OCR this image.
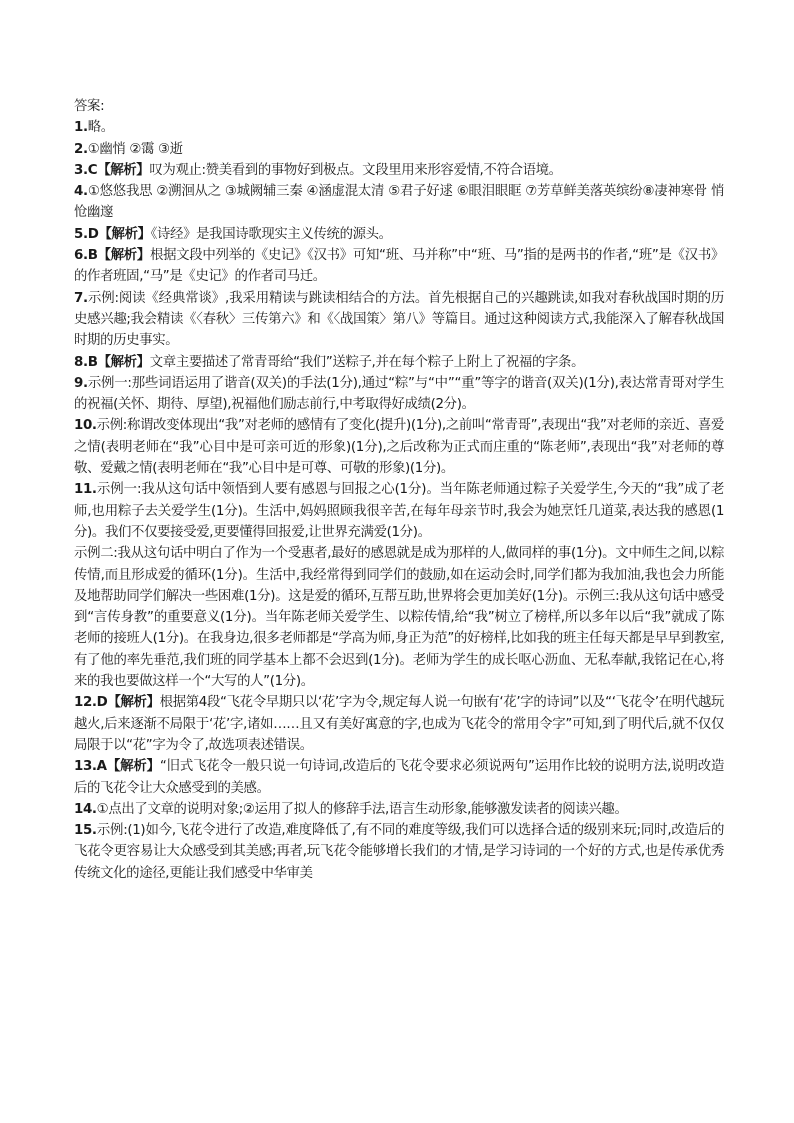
答案:

1.略。

2.①幽悄 ②霭 ③逝

3.C【解析】叹为观止:赞美看到的事物好到极点。文段里用来形容爱情,不符合语境。

4.①悠悠我思 ②溯洄从之 ③城阙辅三秦 ④涵虚混太清 ⑤君子好逑 ⑥眼泪眼眶 ⑦芳草鲜美落英缤纷⑧凄神寒骨 悄怆幽邃

5.D【解析】《诗经》是我国诗歌现实主义传统的源头。

6.B【解析】根据文段中列举的《史记》《汉书》可知“班、马并称”中“班、马”指的是两书的作者,“班”是《汉书》的作者班固,“马”是《史记》的作者司马迁。

7.示例:阅读《经典常谈》,我采用精读与跳读相结合的方法。首先根据自己的兴趣跳读,如我对春秋战国时期的历史感兴趣;我会精读《〈春秋〉三传第六》和《〈战国策〉第八》等篇目。通过这种阅读方式,我能深入了解春秋战国时期的历史事实。

8.B【解析】文章主要描述了常青哥给“我们”送粽子,并在每个粽子上附上了祝福的字条。

9.示例一:那些词语运用了谐音(双关)的手法(1分),通过“粽”与“中”“重”等字的谐音(双关)(1分),表达常青哥对学生的祝福(关怀、期待、厚望),祝福他们励志前行,中考取得好成绩(2分)。

10.示例:称谓改变体现出“我”对老师的感情有了变化(提升)(1分),之前叫“常青哥”,表现出“我”对老师的亲近、喜爱之情(表明老师在“我”心目中是可亲可近的形象)(1分),之后改称为正式而庄重的“陈老师”,表现出“我”对老师的尊敬、爱戴之情(表明老师在“我”心目中是可尊、可敬的形象)(1分)。

11.示例一:我从这句话中领悟到人要有感恩与回报之心(1分)。当年陈老师通过粽子关爱学生,今天的“我”成了老师,也用粽子去关爱学生(1分)。生活中,妈妈照顾我很辛苦,在每年母亲节时,我会为她烹饪几道菜,表达我的感恩(1分)。我们不仅要接受爱,更要懂得回报爱,让世界充满爱(1分)。

示例二:我从这句话中明白了作为一个受惠者,最好的感恩就是成为那样的人,做同样的事(1分)。文中师生之间,以粽传情,而且形成爱的循环(1分)。生活中,我经常得到同学们的鼓励,如在运动会时,同学们都为我加油,我也会力所能及地帮助同学们解决一些困难(1分)。这是爱的循环,互帮互助,世界将会更加美好(1分)。示例三:我从这句话中感受到“言传身教”的重要意义(1分)。当年陈老师关爱学生、以粽传情,给“我”树立了榜样,所以多年以后“我”就成了陈老师的接班人(1分)。在我身边,很多老师都是“学高为师,身正为范”的好榜样,比如我的班主任每天都是早早到教室,有了他的率先垂范,我们班的同学基本上都不会迟到(1分)。老师为学生的成长呕心沥血、无私奉献,我铭记在心,将来的我也要做这样一个“大写的人”(1分)。

12.D【解析】根据第4段“飞花令早期只以‘花’字为令,规定每人说一句嵌有‘花’字的诗词”以及“‘飞花令’在明代越玩越火,后来逐渐不局限于‘花’字,诸如……且又有美好寓意的字,也成为飞花令的常用令字”可知,到了明代后,就不仅仅局限于以“花”字为令了,故选项表述错误。

13.A【解析】“旧式飞花令一般只说一句诗词,改造后的飞花令要求必须说两句”运用作比较的说明方法,说明改造后的飞花令让大众感受到的美感。

14.①点出了文章的说明对象;②运用了拟人的修辞手法,语言生动形象,能够激发读者的阅读兴趣。

15.示例:(1)如今,飞花令进行了改造,难度降低了,有不同的难度等级,我们可以选择合适的级别来玩;同时,改造后的飞花令更容易让大众感受到其美感;再者,玩飞花令能够增长我们的才情,是学习诗词的一个好的方式,也是传承优秀传统文化的途径,更能让我们感受中华审美
